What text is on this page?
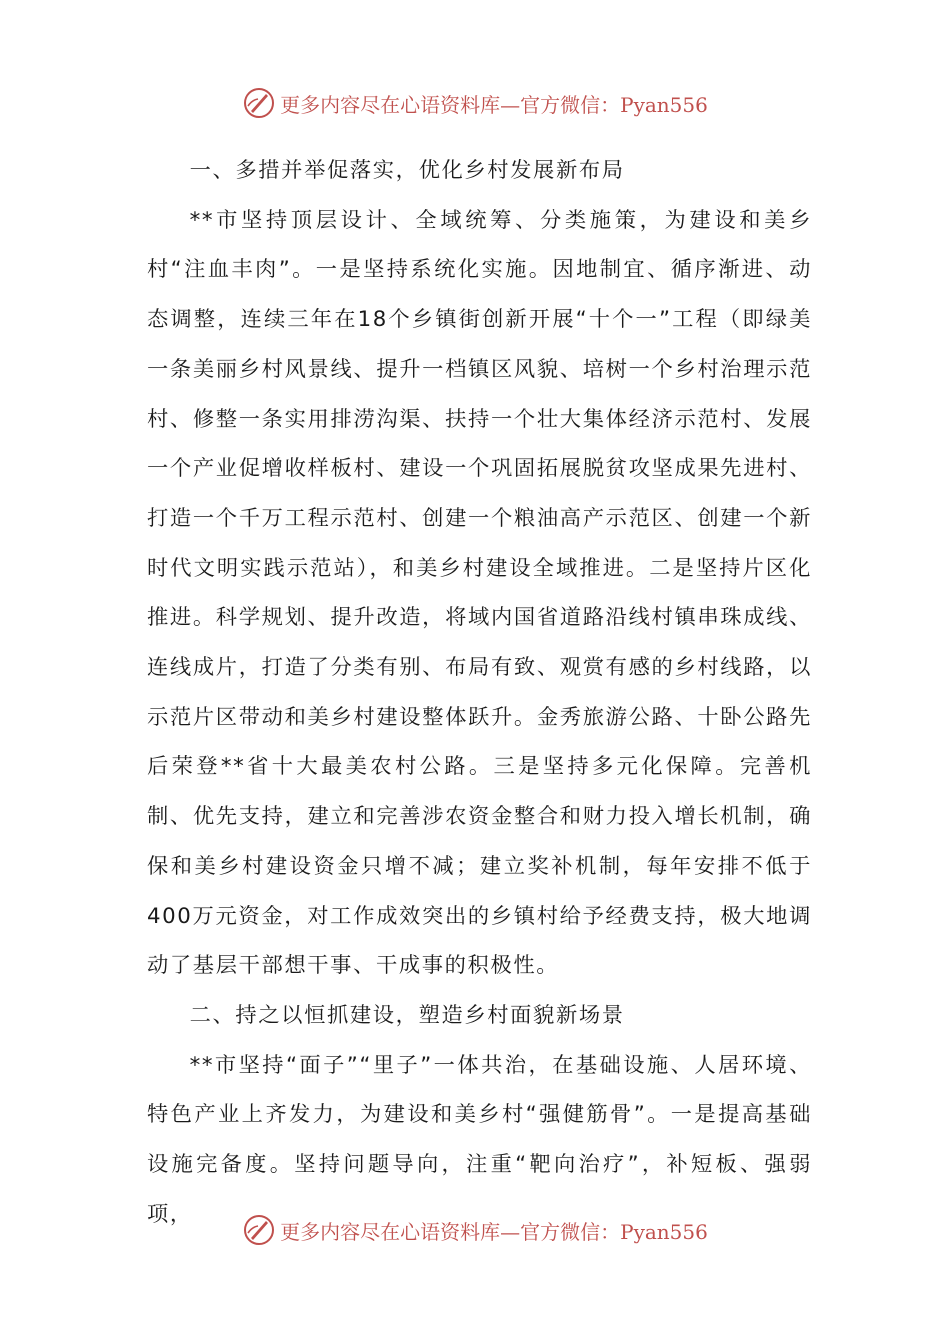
更多内容尽在心语资料库—官方微信：Pyan556

一、多措并举促落实，优化乡村发展新布局

**市坚持顶层设计、全域统筹、分类施策，为建设和美乡村“注血丰肉”。一是坚持系统化实施。因地制宜、循序渐进、动态调整，连续三年在18个乡镇街创新开展“十个一”工程（即绿美一条美丽乡村风景线、提升一档镇区风貌、培树一个乡村治理示范村、修整一条实用排涝沟渠、扶持一个壮大集体经济示范村、发展一个产业促增收样板村、建设一个巩固拓展脱贫攻坚成果先进村、打造一个千万工程示范村、创建一个粮油高产示范区、创建一个新时代文明实践示范站），和美乡村建设全域推进。二是坚持片区化推进。科学规划、提升改造，将域内国省道路沿线村镇串珠成线、连线成片，打造了分类有别、布局有致、观赏有感的乡村线路，以示范片区带动和美乡村建设整体跃升。金秀旅游公路、十卧公路先后荣登**省十大最美农村公路。三是坚持多元化保障。完善机制、优先支持，建立和完善涉农资金整合和财力投入增长机制，确保和美乡村建设资金只增不减；建立奖补机制，每年安排不低于400万元资金，对工作成效突出的乡镇村给予经费支持，极大地调动了基层干部想干事、干成事的积极性。

二、持之以恒抓建设，塑造乡村面貌新场景

**市坚持“面子”“里子”一体共治，在基础设施、人居环境、特色产业上齐发力，为建设和美乡村“强健筋骨”。一是提高基础设施完备度。坚持问题导向，注重“靶向治疗”，补短板、强弱项，

更多内容尽在心语资料库—官方微信：Pyan556
